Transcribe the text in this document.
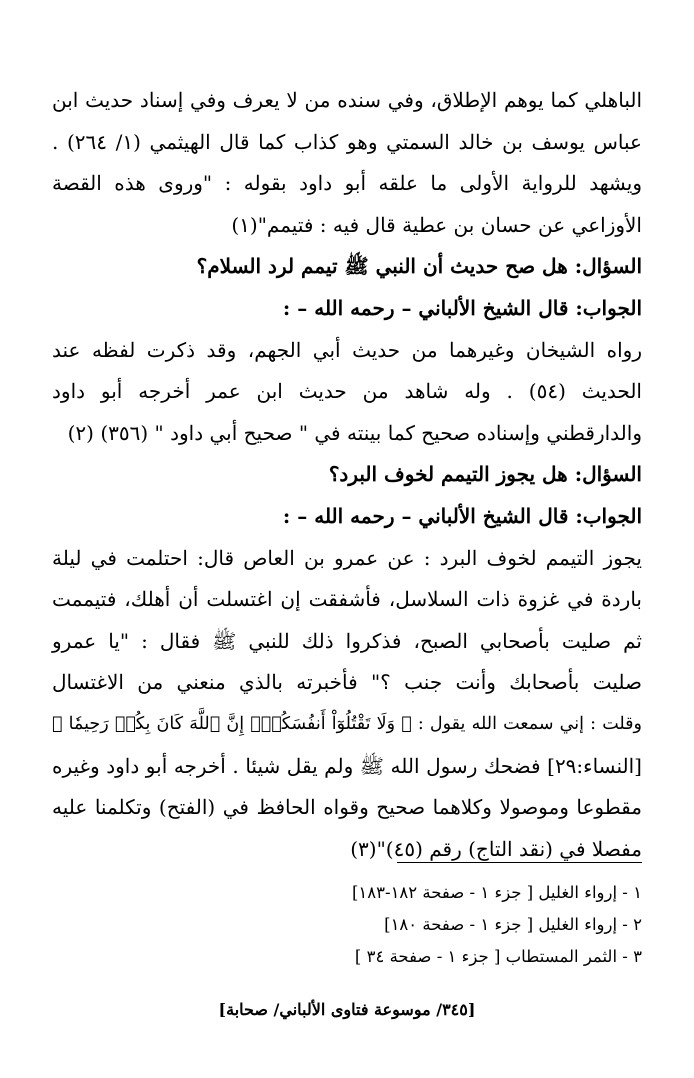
الباهلي كما يوهم الإطلاق، وفي سنده من لا يعرف وفي إسناد حديث ابن
عباس يوسف بن خالد السمتي وهو كذاب كما قال الهيثمي (١/ ٢٦٤) .
ويشهد للرواية الأولى ما علقه أبو داود بقوله : "وروى هذه القصة
الأوزاعي عن حسان بن عطية قال فيه : فتيمم"(١)
السؤال: هل صح حديث أن النبي ﷺ تيمم لرد السلام؟
الجواب: قال الشيخ الألباني – رحمه الله – :
رواه الشيخان وغيرهما من حديث أبي الجهم، وقد ذكرت لفظه عند
الحديث (٥٤) . وله شاهد من حديث ابن عمر أخرجه أبو داود
والدارقطني وإسناده صحيح كما بينته في " صحيح أبي داود " (٣٥٦) (٢)
السؤال: هل يجوز التيمم لخوف البرد؟
الجواب: قال الشيخ الألباني – رحمه الله – :
يجوز التيمم لخوف البرد : عن عمرو بن العاص قال: احتلمت في ليلة
باردة في غزوة ذات السلاسل، فأشفقت إن اغتسلت أن أهلك، فتيممت
ثم صليت بأصحابي الصبح، فذكروا ذلك للنبي ﷺ فقال : "يا عمرو
صليت بأصحابك وأنت جنب ؟" فأخبرته بالذي منعني من الاغتسال
وقلت : إني سمعت الله يقول : ﴿ وَلَا تَقْتُلُوٓاْ أَنفُسَكُمْۚ إِنَّ ٱللَّهَ كَانَ بِكُمۡ رَحِيمٗا ﴾
[النساء:٢٩] فضحك رسول الله ﷺ ولم يقل شيئا . أخرجه أبو داود وغيره
مقطوعا وموصولا وكلاهما صحيح وقواه الحافظ في (الفتح) وتكلمنا عليه
مفصلا في (نقد التاج) رقم (٤٥)"(٣)
١ - إرواء الغليل [ جزء ١ - صفحة ١٨٢-١٨٣]
٢ - إرواء الغليل [ جزء ١ - صفحة ١٨٠]
٣ - الثمر المستطاب [ جزء ١ - صفحة ٣٤ ]
[٣٤٥/ موسوعة فتاوى الألباني/ صحابة]
